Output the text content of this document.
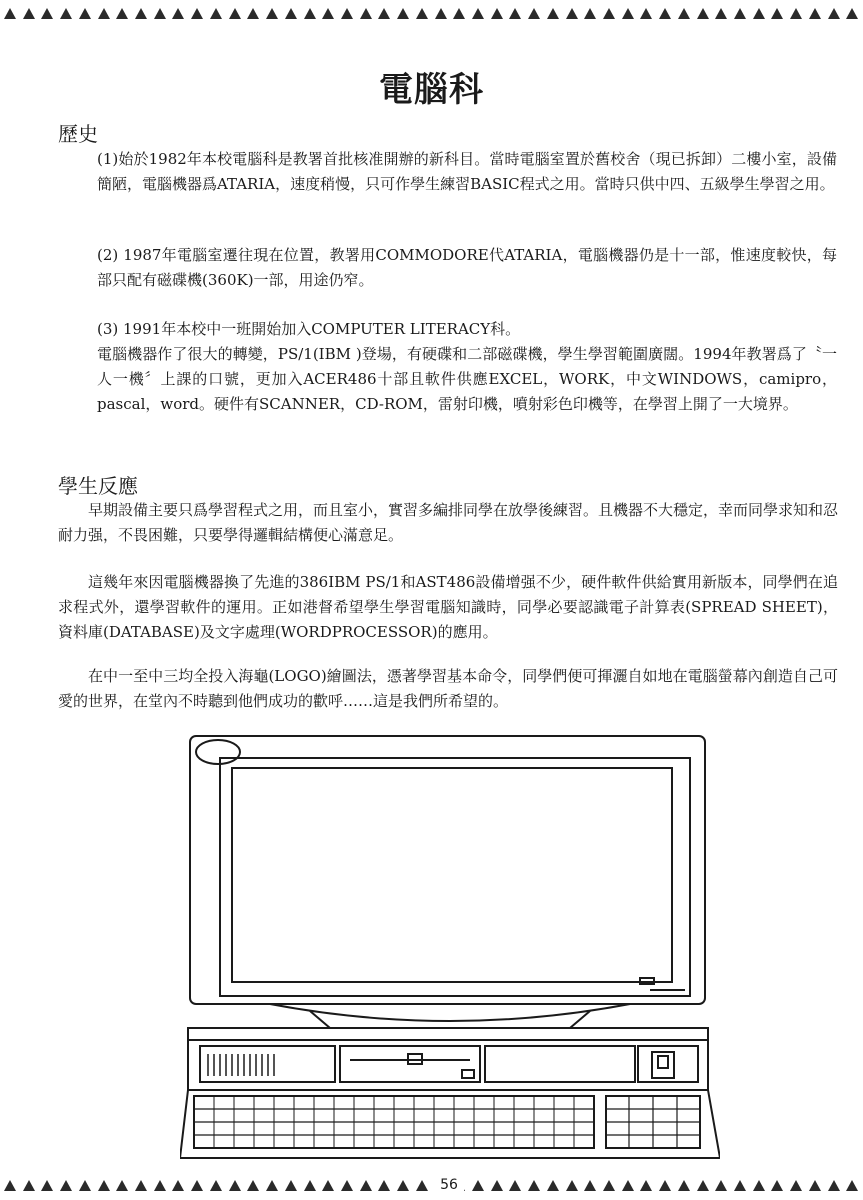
56
電腦科
歷史
(1)始於1982年本校電腦科是教署首批核准開辦的新科目。當時電腦室置於舊校舍（現已拆卸）二樓小室，設備簡陋，電腦機器爲ATARIA，速度稍慢，只可作學生練習BASIC程式之用。當時只供中四、五級學生學習之用。
(2) 1987年電腦室遷往現在位置，教署用COMMODORE代ATARIA，電腦機器仍是十一部，惟速度較快，每部只配有磁碟機(360K)一部，用途仍窄。
(3) 1991年本校中一班開始加入COMPUTER LITERACY科。
電腦機器作了很大的轉變，PS/1(IBM )登場，有硬碟和二部磁碟機，學生學習範圍廣闊。1994年教署爲了〝一人一機〞上課的口號，更加入ACER486十部且軟件供應EXCEL，WORK，中文WINDOWS，camipro，pascal，word。硬件有SCANNER，CD-ROM，雷射印機，噴射彩色印機等，在學習上開了一大境界。
學生反應
早期設備主要只爲學習程式之用，而且室小，實習多編排同學在放學後練習。且機器不大穩定，幸而同學求知和忍耐力强，不畏困難，只要學得邏輯結構便心滿意足。
這幾年來因電腦機器換了先進的386IBM PS/1和AST486設備增强不少，硬件軟件供給實用新版本，同學們在追求程式外，還學習軟件的運用。正如港督希望學生學習電腦知識時，同學必要認識電子計算表(SPREAD SHEET)，資料庫(DATABASE)及文字處理(WORDPROCESSOR)的應用。
在中一至中三均全投入海龜(LOGO)繪圖法，憑著學習基本命令，同學們便可揮灑自如地在電腦螢幕內創造自己可愛的世界，在堂內不時聽到他們成功的歡呼……這是我們所希望的。
